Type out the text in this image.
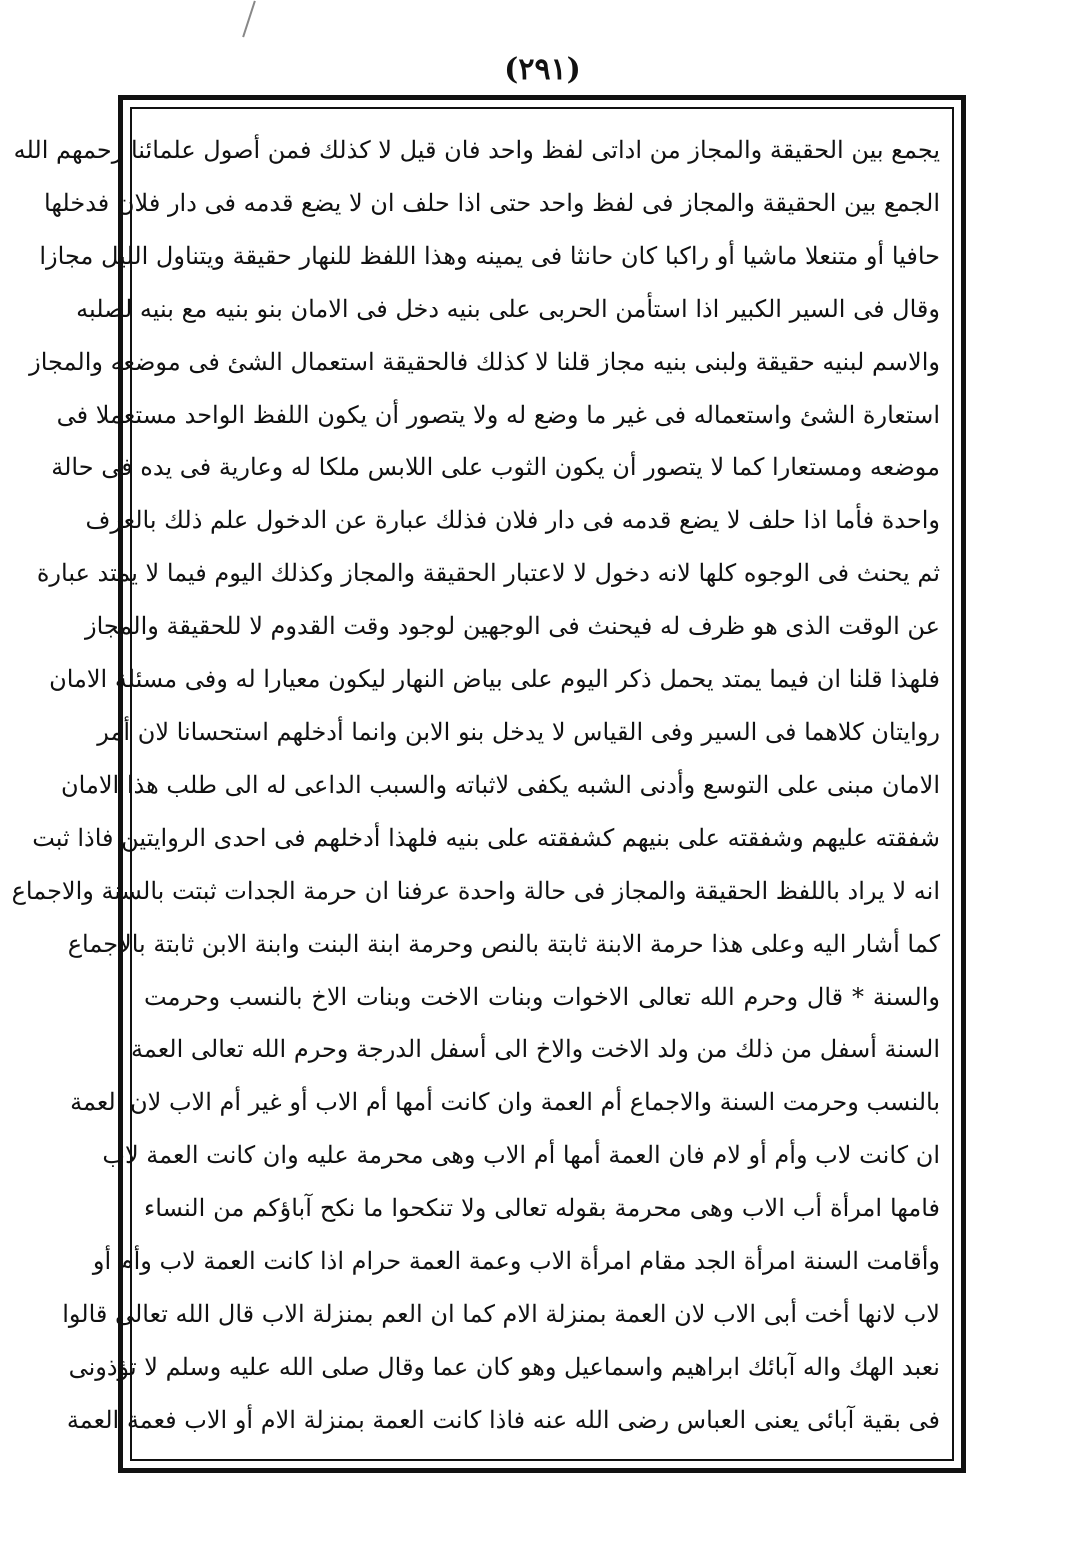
(٢٩١)
يجمع بين الحقيقة والمجاز من اداتى لفظ واحد فان قيل لا كذلك فمن أصول علمائنا رحمهم الله
الجمع بين الحقيقة والمجاز فى لفظ واحد حتى اذا حلف ان لا يضع قدمه فى دار فلان فدخلها
حافيا أو متنعلا ماشيا أو راكبا كان حانثا فى يمينه وهذا اللفظ للنهار حقيقة ويتناول الليل مجازا
وقال فى السير الكبير اذا استأمن الحربى على بنيه دخل فى الامان بنو بنيه مع بنيه لصلبه
والاسم لبنيه حقيقة ولبنى بنيه مجاز قلنا لا كذلك فالحقيقة استعمال الشئ فى موضعه والمجاز
استعارة الشئ واستعماله فى غير ما وضع له ولا يتصور أن يكون اللفظ الواحد مستعملا فى
موضعه ومستعارا كما لا يتصور أن يكون الثوب على اللابس ملكا له وعارية فى يده فى حالة
واحدة فأما اذا حلف لا يضع قدمه فى دار فلان فذلك عبارة عن الدخول علم ذلك بالعرف
ثم يحنث فى الوجوه كلها لانه دخول لا لاعتبار الحقيقة والمجاز وكذلك اليوم فيما لا يمتد عبارة
عن الوقت الذى هو ظرف له فيحنث فى الوجهين لوجود وقت القدوم لا للحقيقة والمجاز
فلهذا قلنا ان فيما يمتد يحمل ذكر اليوم على بياض النهار ليكون معيارا له وفى مسئلة الامان
روايتان كلاهما فى السير وفى القياس لا يدخل بنو الابن وانما أدخلهم استحسانا لان أمر
الامان مبنى على التوسع وأدنى الشبه يكفى لاثباته والسبب الداعى له الى طلب هذا الامان
شفقته عليهم وشفقته على بنيهم كشفقته على بنيه فلهذا أدخلهم فى احدى الروايتين فاذا ثبت
انه لا يراد باللفظ الحقيقة والمجاز فى حالة واحدة عرفنا ان حرمة الجدات ثبتت بالسنة والاجماع
كما أشار اليه وعلى هذا حرمة الابنة ثابتة بالنص وحرمة ابنة البنت وابنة الابن ثابتة بالاجماع
والسنة * قال وحرم الله تعالى الاخوات وبنات الاخت وبنات الاخ بالنسب وحرمت
السنة أسفل من ذلك من ولد الاخت والاخ الى أسفل الدرجة وحرم الله تعالى العمة
بالنسب وحرمت السنة والاجماع أم العمة وان كانت أمها أم الاب أو غير أم الاب لان العمة
ان كانت لاب وأم أو لام فان العمة أمها أم الاب وهى محرمة عليه وان كانت العمة لاب
فامها امرأة أب الاب وهى محرمة بقوله تعالى ولا تنكحوا ما نكح آباؤكم من النساء
وأقامت السنة امرأة الجد مقام امرأة الاب وعمة العمة حرام اذا كانت العمة لاب وأم أو
لاب لانها أخت أبى الاب لان العمة بمنزلة الام كما ان العم بمنزلة الاب قال الله تعالى قالوا
نعبد الهك واله آبائك ابراهيم واسماعيل وهو كان عما وقال صلى الله عليه وسلم لا تؤذونى
فى بقية آبائى يعنى العباس رضى الله عنه فاذا كانت العمة بمنزلة الام أو الاب فعمة العمة
